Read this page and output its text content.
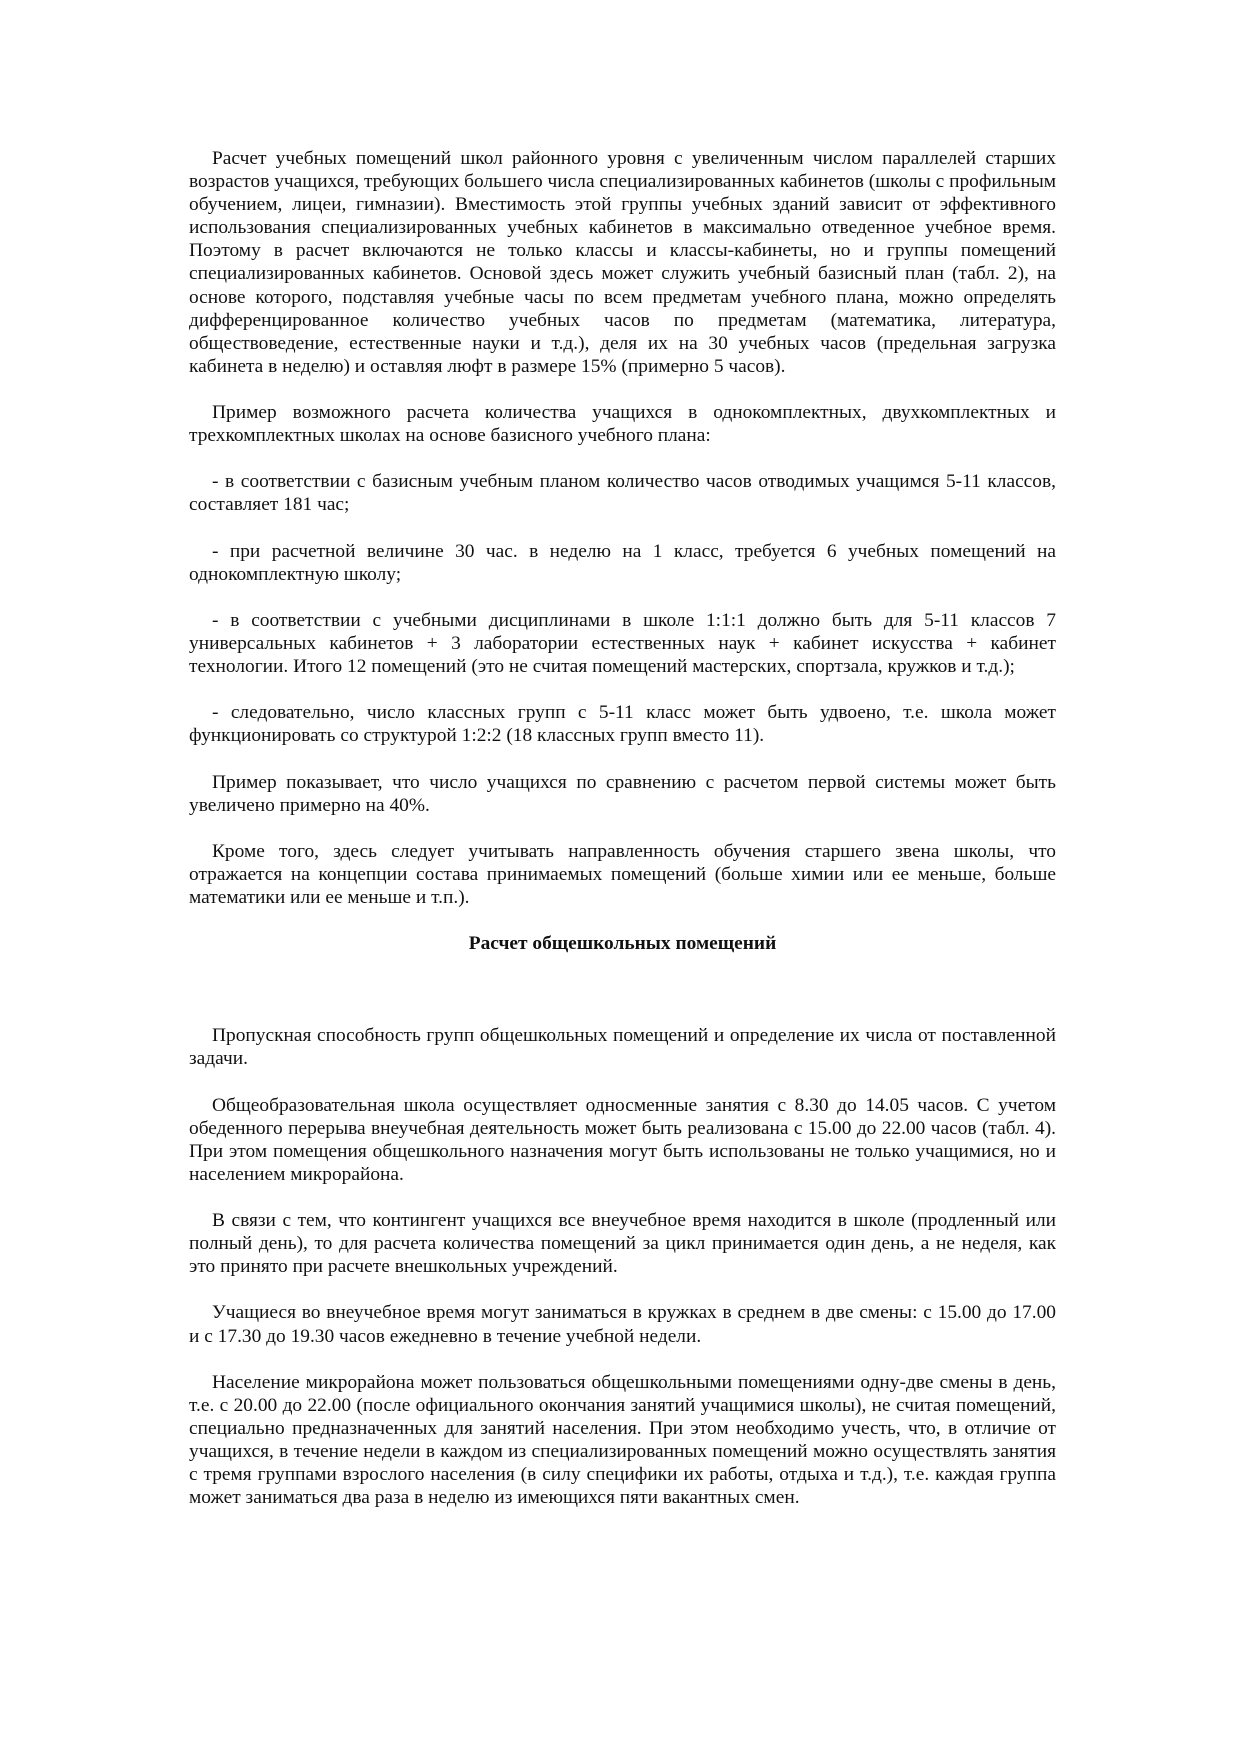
Расчет учебных помещений школ районного уровня с увеличенным числом параллелей старших возрастов учащихся, требующих большего числа специализированных кабинетов (школы с профильным обучением, лицеи, гимназии). Вместимость этой группы учебных зданий зависит от эффективного использования специализированных учебных кабинетов в максимально отведенное учебное время. Поэтому в расчет включаются не только классы и классы-кабинеты, но и группы помещений специализированных кабинетов. Основой здесь может служить учебный базисный план (табл. 2), на основе которого, подставляя учебные часы по всем предметам учебного плана, можно определять дифференцированное количество учебных часов по предметам (математика, литература, обществоведение, естественные науки и т.д.), деля их на 30 учебных часов (предельная загрузка кабинета в неделю) и оставляя люфт в размере 15% (примерно 5 часов).

Пример возможного расчета количества учащихся в однокомплектных, двухкомплектных и трехкомплектных школах на основе базисного учебного плана:

- в соответствии с базисным учебным планом количество часов отводимых учащимся 5-11 классов, составляет 181 час;

- при расчетной величине 30 час. в неделю на 1 класс, требуется 6 учебных помещений на однокомплектную школу;

- в соответствии с учебными дисциплинами в школе 1:1:1 должно быть для 5-11 классов 7 универсальных кабинетов + 3 лаборатории естественных наук + кабинет искусства + кабинет технологии. Итого 12 помещений (это не считая помещений мастерских, спортзала, кружков и т.д.);

- следовательно, число классных групп с 5-11 класс может быть удвоено, т.е. школа может функционировать со структурой 1:2:2 (18 классных групп вместо 11).

Пример показывает, что число учащихся по сравнению с расчетом первой системы может быть увеличено примерно на 40%.

Кроме того, здесь следует учитывать направленность обучения старшего звена школы, что отражается на концепции состава принимаемых помещений (больше химии или ее меньше, больше математики или ее меньше и т.п.).

Расчет общешкольных помещений

Пропускная способность групп общешкольных помещений и определение их числа от поставленной задачи.

Общеобразовательная школа осуществляет односменные занятия с 8.30 до 14.05 часов. С учетом обеденного перерыва внеучебная деятельность может быть реализована с 15.00 до 22.00 часов (табл. 4). При этом помещения общешкольного назначения могут быть использованы не только учащимися, но и населением микрорайона.

В связи с тем, что контингент учащихся все внеучебное время находится в школе (продленный или полный день), то для расчета количества помещений за цикл принимается один день, а не неделя, как это принято при расчете внешкольных учреждений.

Учащиеся во внеучебное время могут заниматься в кружках в среднем в две смены: с 15.00 до 17.00 и с 17.30 до 19.30 часов ежедневно в течение учебной недели.

Население микрорайона может пользоваться общешкольными помещениями одну-две смены в день, т.е. с 20.00 до 22.00 (после официального окончания занятий учащимися школы), не считая помещений, специально предназначенных для занятий населения. При этом необходимо учесть, что, в отличие от учащихся, в течение недели в каждом из специализированных помещений можно осуществлять занятия с тремя группами взрослого населения (в силу специфики их работы, отдыха и т.д.), т.е. каждая группа может заниматься два раза в неделю из имеющихся пяти вакантных смен.
